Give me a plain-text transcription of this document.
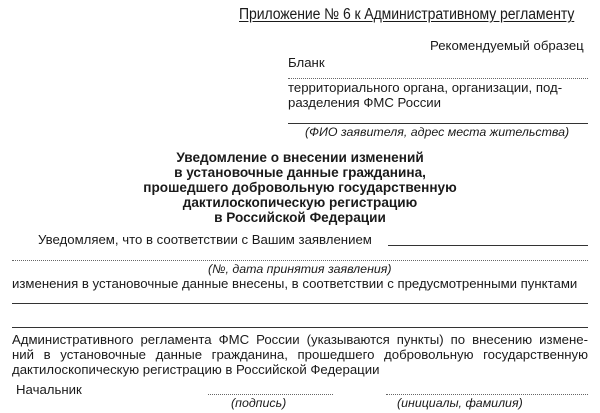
Приложение № 6 к Административному регламенту
Рекомендуемый образец
Бланк
территориального органа, организации, под-
разделения ФМС России
(ФИО заявителя, адрес места жительства)
Уведомление о внесении изменений
в установочные данные гражданина,
прошедшего добровольную государственную
дактилоскопическую регистрацию
в Российской Федерации
Уведомляем, что в соответствии с Вашим заявлением
(№, дата принятия заявления)
изменения в установочные данные внесены, в соответствии с предусмотренными пунктами
Административного регламента ФМС России (указываются пункты) по внесению измене-
ний в установочные данные гражданина, прошедшего добровольную государственную
дактилоскопическую регистрацию в Российской Федерации
Начальник
(подпись)	(инициалы, фамилия)
